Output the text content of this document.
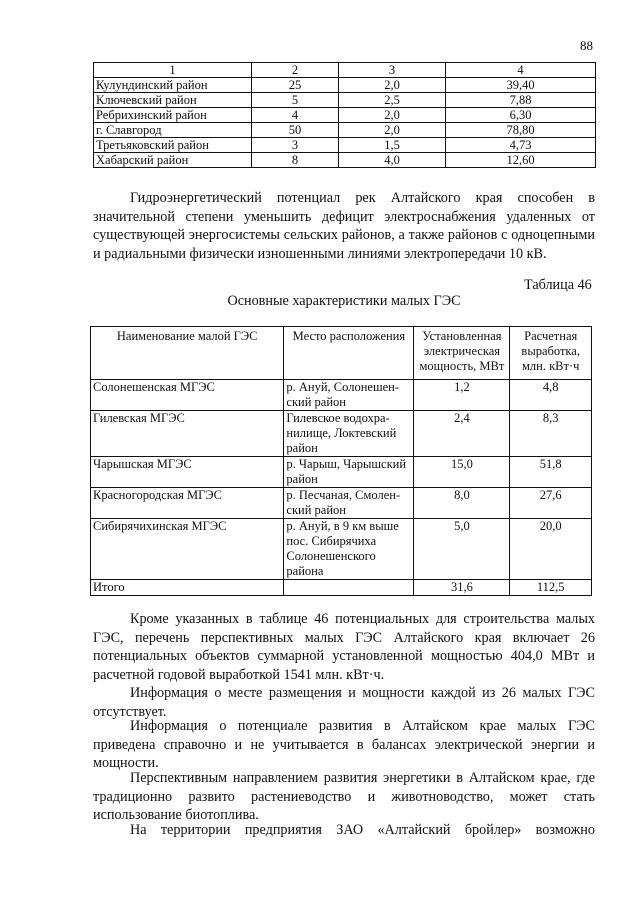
88
1	2	3	4
Кулундинский район	25	2,0	39,40
Ключевский район	5	2,5	7,88
Ребрихинский район	4	2,0	6,30
г. Славгород	50	2,0	78,80
Третьяковский район	3	1,5	4,73
Хабарский район	8	4,0	12,60

Гидроэнергетический потенциал рек Алтайского края способен в значительной степени уменьшить дефицит электроснабжения удаленных от существующей энергосистемы сельских районов, а также районов с одноцепными и радиальными физически изношенными линиями электропередачи 10 кВ.

Таблица 46
Основные характеристики малых ГЭС
Наименование малой ГЭС	Место расположения	Установленная электрическая мощность, МВт	Расчетная выработка, млн. кВт·ч
Солонешенская МГЭС	р. Ануй, Солонешен-ский район	1,2	4,8
Гилевская МГЭС	Гилевское водохра-нилище, Локтевский район	2,4	8,3
Чарышская МГЭС	р. Чарыш, Чарышский район	15,0	51,8
Красногородская МГЭС	р. Песчаная, Смолен-ский район	8,0	27,6
Сибирячихинская МГЭС	р. Ануй, в 9 км выше пос. Сибирячиха Солонешенского района	5,0	20,0
Итого		31,6	112,5

Кроме указанных в таблице 46 потенциальных для строительства малых ГЭС, перечень перспективных малых ГЭС Алтайского края включает 26 потенциальных объектов суммарной установленной мощностью 404,0 МВт и расчетной годовой выработкой 1541 млн. кВт·ч.

Информация о месте размещения и мощности каждой из 26 малых ГЭС отсутствует.

Информация о потенциале развития в Алтайском крае малых ГЭС приведена справочно и не учитывается в балансах электрической энергии и мощности.

Перспективным направлением развития энергетики в Алтайском крае, где традиционно развито растениеводство и животноводство, может стать использование биотоплива.

На территории предприятия ЗАО «Алтайский бройлер» возможно
